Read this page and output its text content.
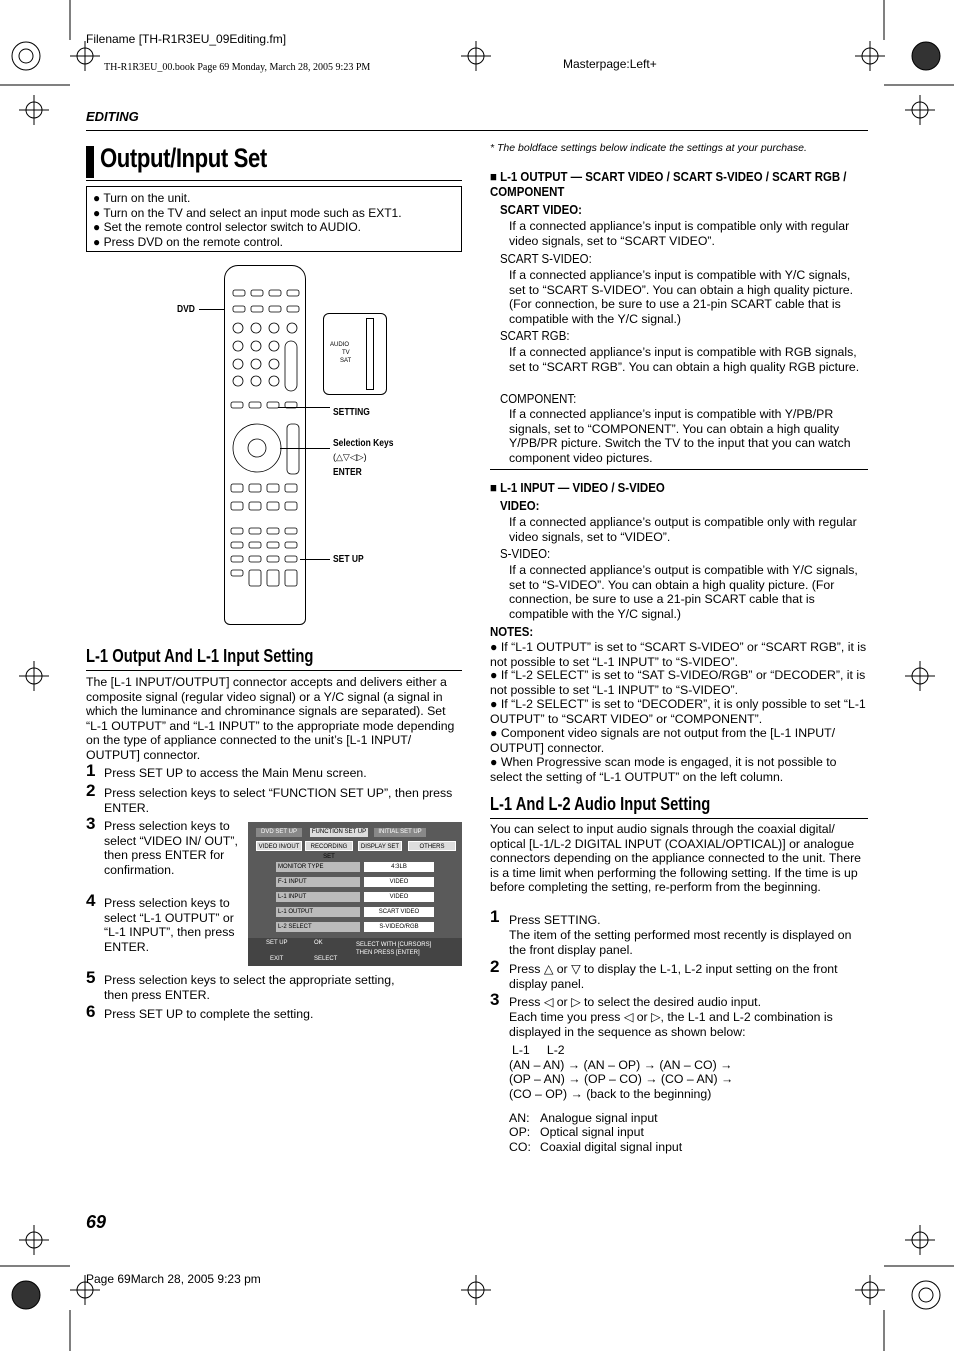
Filename [TH-R1R3EU_09Editing.fm]
TH-R1R3EU_00.book Page 69 Monday, March 28, 2005 9:23 PM	Masterpage:Left+
EDITING
Output/Input Set
● Turn on the unit.
● Turn on the TV and select an input mode such as EXT1.
● Set the remote control selector switch to AUDIO.
● Press DVD on the remote control.
DVD
AUDIO
TV
SAT
SETTING
Selection Keys
(△▽◁▷)
ENTER
SET UP
L-1 Output And L-1 Input Setting
The [L-1 INPUT/OUTPUT] connector accepts and delivers either a composite signal (regular video signal) or a Y/C signal (a signal in which the luminance and chrominance signals are separated). Set “L-1 OUTPUT” and “L-1 INPUT” to the appropriate mode depending on the type of appliance connected to the unit’s [L-1 INPUT/ OUTPUT] connector.
1 Press SET UP to access the Main Menu screen.
2 Press selection keys to select “FUNCTION SET UP”, then press ENTER.
3 Press selection keys to select “VIDEO IN/ OUT”, then press ENTER for confirmation.
4 Press selection keys to select “L-1 OUTPUT” or “L-1 INPUT”, then press ENTER.
5 Press selection keys to select the appropriate setting, then press ENTER.
6 Press SET UP to complete the setting.
DVD SET UP	FUNCTION SET UP	INITIAL SET UP
VIDEO IN/OUT	RECORDING SET
DISPLAY SET	OTHERS
MONITOR TYPE	4:3LB
F-1 INPUT	VIDEO
L-1 INPUT	VIDEO
L-1 OUTPUT	SCART VIDEO
L-2 SELECT	S-VIDEO/RGB
SET UP	OK
EXIT	SELECT
SELECT WITH [CURSORS]
THEN PRESS [ENTER]
* The boldface settings below indicate the settings at your purchase.
■ L-1 OUTPUT — SCART VIDEO / SCART S-VIDEO / SCART RGB / COMPONENT
SCART VIDEO:
If a connected appliance’s input is compatible only with regular video signals, set to “SCART VIDEO”.
SCART S-VIDEO:
If a connected appliance’s input is compatible with Y/C signals, set to “SCART S-VIDEO”. You can obtain a high quality picture. (For connection, be sure to use a 21-pin SCART cable that is compatible with the Y/C signal.)
SCART RGB:
If a connected appliance’s input is compatible with RGB signals, set to “SCART RGB”. You can obtain a high quality RGB picture.
COMPONENT:
If a connected appliance’s input is compatible with Y/PB/PR signals, set to “COMPONENT”. You can obtain a high quality Y/PB/PR picture. Switch the TV to the input that you can watch component video pictures.
■ L-1 INPUT — VIDEO / S-VIDEO
VIDEO:
If a connected appliance’s output is compatible only with regular video signals, set to “VIDEO”.
S-VIDEO:
If a connected appliance’s output is compatible with Y/C signals, set to “S-VIDEO”. You can obtain a high quality picture. (For connection, be sure to use a 21-pin SCART cable that is compatible with the Y/C signal.)
NOTES:
● If “L-1 OUTPUT” is set to “SCART S-VIDEO” or “SCART RGB”, it is not possible to set “L-1 INPUT” to “S-VIDEO”.
● If “L-2 SELECT” is set to “SAT S-VIDEO/RGB” or “DECODER”, it is not possible to set “L-1 INPUT” to “S-VIDEO”.
● If “L-2 SELECT” is set to “DECODER”, it is only possible to set “L-1 OUTPUT” to “SCART VIDEO” or “COMPONENT”.
● Component video signals are not output from the [L-1 INPUT/ OUTPUT] connector.
● When Progressive scan mode is engaged, it is not possible to select the setting of “L-1 OUTPUT” on the left column.
L-1 And L-2 Audio Input Setting
You can select to input audio signals through the coaxial digital/ optical [L-1/L-2 DIGITAL INPUT (COAXIAL/OPTICAL)] or analogue connectors depending on the appliance connected to the unit. There is a time limit when performing the following setting. If the time is up before completing the setting, re-perform from the beginning.
1 Press SETTING.
The item of the setting performed most recently is displayed on the front display panel.
2 Press △ or ▽ to display the L-1, L-2 input setting on the front display panel.
3 Press ◁ or ▷ to select the desired audio input.
Each time you press ◁ or ▷, the L-1 and L-2 combination is displayed in the sequence as shown below:
L-1     L-2
(AN – AN) → (AN – OP) → (AN – CO) →
(OP – AN) → (OP – CO) → (CO – AN) →
(CO – OP) → (back to the beginning)
AN: Analogue signal input
OP: Optical signal input
CO: Coaxial digital signal input
69
Page 69March 28, 2005 9:23 pm
